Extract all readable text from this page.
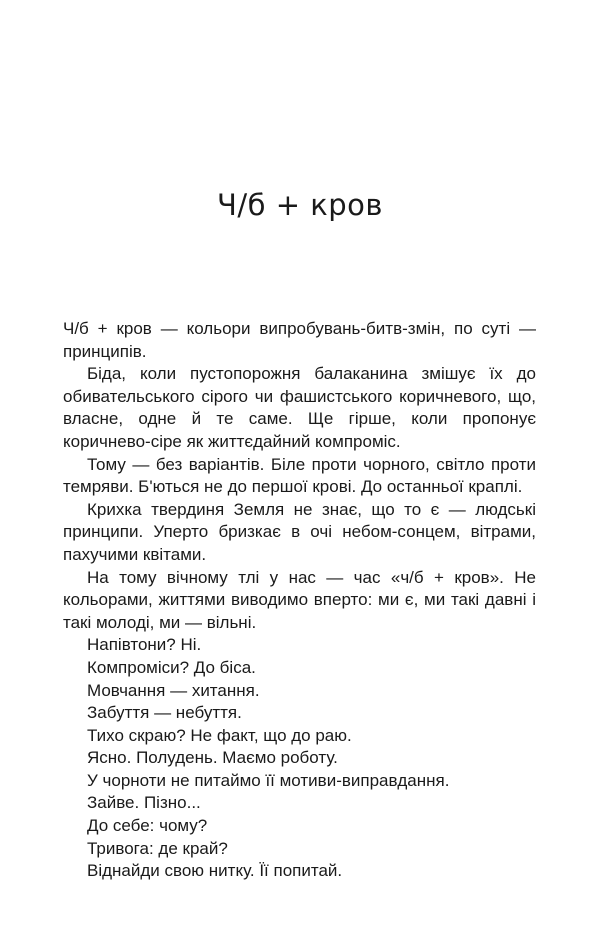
Ч/б + кров

Ч/б + кров — кольори випробувань-битв-змін, по суті — принципів.

Біда, коли пустопорожня балаканина змішує їх до обивательського сірого чи фашистського коричневого, що, власне, одне й те саме. Ще гірше, коли пропонує коричнево-сіре як життєдайний компроміс.

Тому — без варіантів. Біле проти чорного, світло проти темряви. Б'ються не до першої крові. До останньої краплі.

Крихка твердиня Земля не знає, що то є — людські принципи. Уперто бризкає в очі небом-сонцем, вітрами, пахучими квітами.

На тому вічному тлі у нас — час «ч/б + кров». Не кольорами, життями виводимо вперто: ми є, ми такі давні і такі молоді, ми — вільні.

Напівтони? Ні.

Компроміси? До біса.

Мовчання — хитання.

Забуття — небуття.

Тихо скраю? Не факт, що до раю.

Ясно. Полудень. Маємо роботу.

У чорноти не питаймо її мотиви-виправдання.

Зайве. Пізно...

До себе: чому?

Тривога: де край?

Віднайди свою нитку. Її попитай.
